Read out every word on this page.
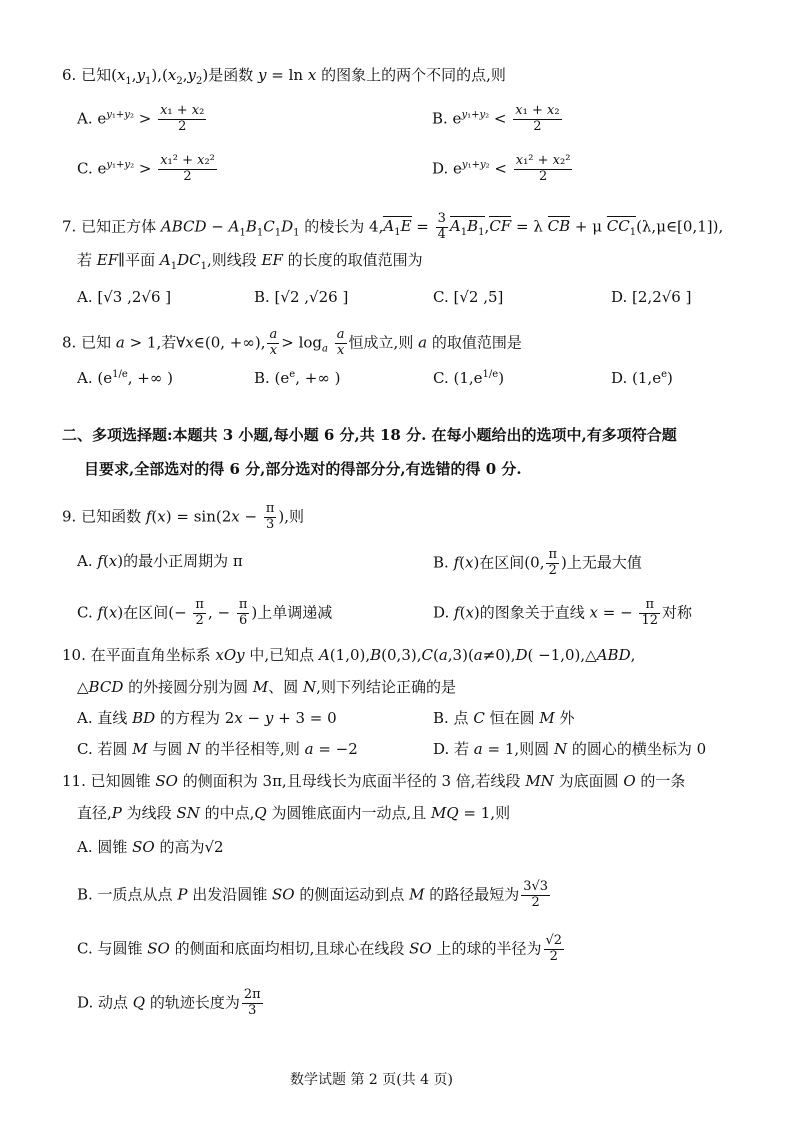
6. 已知$(x_1,y_1),(x_2,y_2)$是函数 y = ln x 的图象上的两个不同的点,则
A. $e^{y_1+y_2} > \frac{\text{x₁ + x₂}}{2}$	B. $e^{y_1+y_2} < \frac{\text{x₁ + x₂}}{2}$
C. $e^{y_1+y_2} > \frac{\text{x₁² + x₂²}}{2}$	D. $e^{y_1+y_2} < \frac{\text{x₁² + x₂²}}{2}$
7. 已知正方体 ABCD − $A_1B_1C_1D_1$ 的棱长为 $4,A_1E = \frac{3}{4} A_1B_1,CF = \lambda$ CB + μ $CC_1(\lambda,\mu\in[0,1])$,
若 EF∥平面 $A_1DC_1$,则线段 EF 的长度的取值范围为
A. [√3 ,2√6 ]	B. [√2 ,√26 ]	C. [√2 ,5]	D. [2,2√6 ]
8. 已知 a > 1,若∀x∈(0, +∞), $\frac{a}{x} > \log_a \frac{a}{x}$ 恒成立,则 a 的取值范围是
A. ($e^{1/e}$, +∞ )	B. ($e^e$, +∞ )	C. $(1,e^{1/e})$	D. $(1,e^e)$
二、多项选择题:本题共 3 小题,每小题 6 分,共 18 分. 在每小题给出的选项中,有多项符合题
目要求,全部选对的得 6 分,部分选对的得部分分,有选错的得 0 分.
9. 已知函数 $f(x) = \sin(2x - \frac{\pi}{3}$ ),则
A. f(x)的最小正周期为 π	B. f(x)在区间(0, $\frac{\pi}{2}$ )上无最大值
C. f(x)在区间(− $\frac{\pi}{2}$ , − $\frac{\pi}{6}$ )上单调递减	D. f(x)的图象关于直线 x = − $\frac{\pi}{12}$ 对称
10. 在平面直角坐标系 xOy 中,已知点 A(1,0),B(0,3),C(a,3)(a≠0),D( −1,0),△ABD,
△BCD 的外接圆分别为圆 M、圆 N,则下列结论正确的是
A. 直线 BD 的方程为 2x − y + 3 = 0	B. 点 C 恒在圆 M 外
C. 若圆 M 与圆 N 的半径相等,则 a = −2	D. 若 a = 1,则圆 N 的圆心的横坐标为 0
11. 已知圆锥 SO 的侧面积为 3π,且母线长为底面半径的 3 倍,若线段 MN 为底面圆 O 的一条
直径,P 为线段 SN 的中点,Q 为圆锥底面内一动点,且 MQ = 1,则
A. 圆锥 SO 的高为√2
B. 一质点从点 P 出发沿圆锥 SO 的侧面运动到点 M 的路径最短为 $\frac{3√3}{2}$
C. 与圆锥 SO 的侧面和底面均相切,且球心在线段 SO 上的球的半径为 $\frac{√2}{2}$
D. 动点 Q 的轨迹长度为 $\frac{2\pi}{3}$
数学试题 第 2 页(共 4 页)
